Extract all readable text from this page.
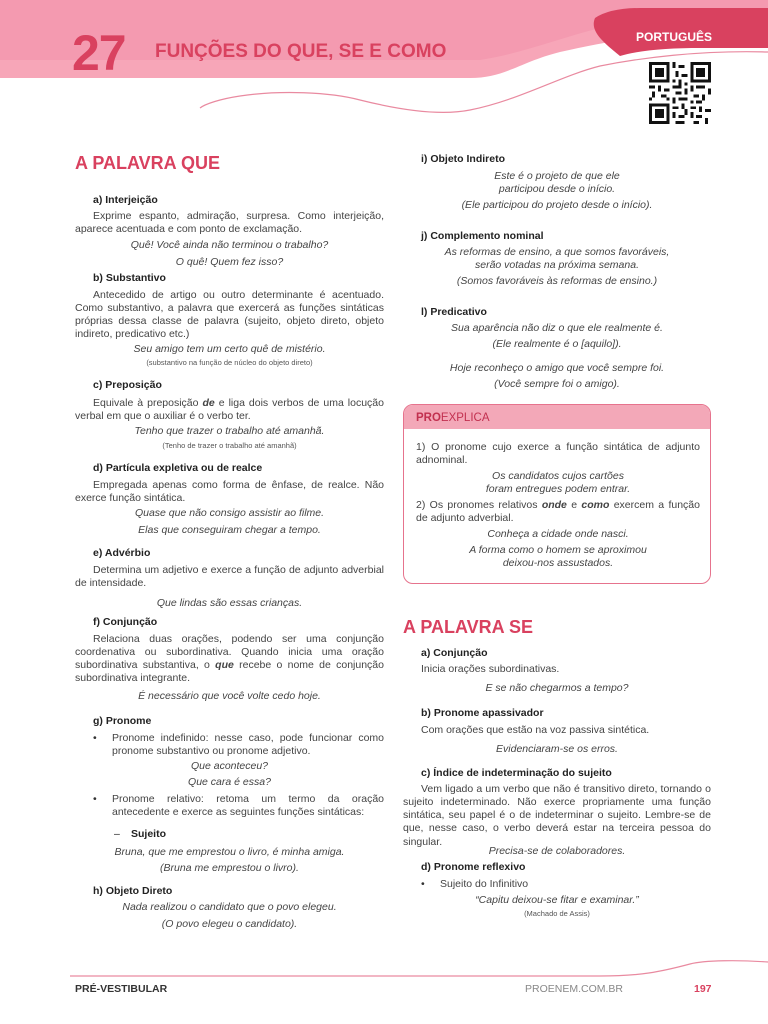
27 FUNÇÕES DO QUE, SE E COMO
PORTUGUÊS
A PALAVRA QUE
a) Interjeição
Exprime espanto, admiração, surpresa. Como interjeição, aparece acentuada e com ponto de exclamação.
Quê! Você ainda não terminou o trabalho?
O quê! Quem fez isso?
b) Substantivo
Antecedido de artigo ou outro determinante é acentuado. Como substantivo, a palavra que exercerá as funções sintáticas próprias dessa classe de palavra (sujeito, objeto direto, objeto indireto, predicativo etc.)
Seu amigo tem um certo quê de mistério.
(substantivo na função de núcleo do objeto direto)
c) Preposição
Equivale à preposição de e liga dois verbos de uma locução verbal em que o auxiliar é o verbo ter.
Tenho que trazer o trabalho até amanhã.
(Tenho de trazer o trabalho até amanhã)
d) Partícula expletiva ou de realce
Empregada apenas como forma de ênfase, de realce. Não exerce função sintática.
Quase que não consigo assistir ao filme.
Elas que conseguiram chegar a tempo.
e) Advérbio
Determina um adjetivo e exerce a função de adjunto adverbial de intensidade.
Que lindas são essas crianças.
f) Conjunção
Relaciona duas orações, podendo ser uma conjunção coordenativa ou subordinativa. Quando inicia uma oração subordinativa substantiva, o que recebe o nome de conjunção subordinativa integrante.
É necessário que você volte cedo hoje.
g) Pronome
•	Pronome indefinido: nesse caso, pode funcionar como pronome substantivo ou pronome adjetivo.
Que aconteceu?
Que cara é essa?
•	Pronome relativo: retoma um termo da oração antecedente e exerce as seguintes funções sintáticas:
– Sujeito
Bruna, que me emprestou o livro, é minha amiga.
(Bruna me emprestou o livro).
h) Objeto Direto
Nada realizou o candidato que o povo elegeu.
(O povo elegeu o candidato).
i) Objeto Indireto
Este é o projeto de que ele
participou desde o início.
(Ele participou do projeto desde o início).
j) Complemento nominal
As reformas de ensino, a que somos favoráveis,
serão votadas na próxima semana.
(Somos favoráveis às reformas de ensino.)
l) Predicativo
Sua aparência não diz o que ele realmente é.
(Ele realmente é o [aquilo]).
Hoje reconheço o amigo que você sempre foi.
(Você sempre foi o amigo).
PROEXPLICA
1) O pronome cujo exerce a função sintática de adjunto adnominal.
Os candidatos cujos cartões
foram entregues podem entrar.
2) Os pronomes relativos onde e como exercem a função de adjunto adverbial.
Conheça a cidade onde nasci.
A forma como o homem se aproximou
deixou-nos assustados.
A PALAVRA SE
a) Conjunção
Inicia orações subordinativas.
E se não chegarmos a tempo?
b) Pronome apassivador
Com orações que estão na voz passiva sintética.
Evidenciaram-se os erros.
c) Índice de indeterminação do sujeito
Vem ligado a um verbo que não é transitivo direto, tornando o sujeito indeterminado. Não exerce propriamente uma função sintática, seu papel é o de indeterminar o sujeito. Lembre-se de que, nesse caso, o verbo deverá estar na terceira pessoa do singular.
Precisa-se de colaboradores.
d) Pronome reflexivo
•	Sujeito do Infinitivo
“Capitu deixou-se fitar e examinar.”
(Machado de Assis)
PRÉ-VESTIBULAR	PROENEM.COM.BR	197
